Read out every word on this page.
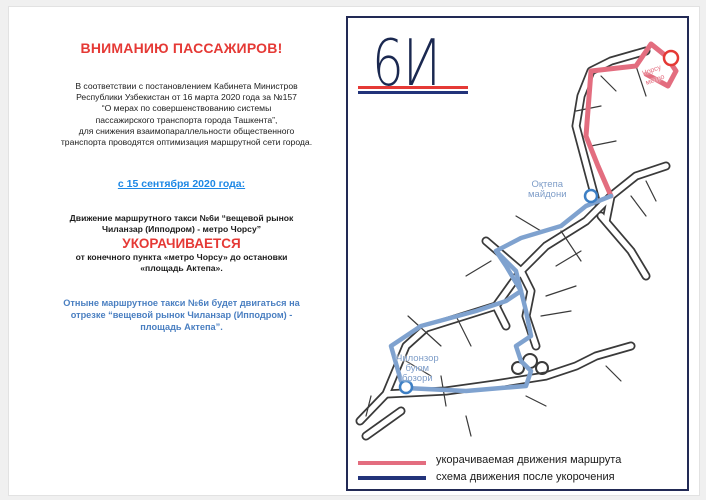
ВНИМАНИЮ ПАССАЖИРОВ!
В соответствии с постановлением Кабинета Министров
Республики Узбекистан от 16 марта 2020 года за №157
“О мерах по совершенствованию системы
пассажирского транспорта города Ташкента”,
для снижения взаимопараллельности общественного
транспорта проводятся оптимизация маршрутной сети города.
с 15 сентября 2020 года:
Движение маршрутного такси №6и “вещевой рынок
Чиланзар (Ипподром) - метро Чорсу”
УКОРАЧИВАЕТСЯ
от конечного пункта «метро Чорсу» до остановки
«площадь Актепа».
Отныне маршрутное такси №6и будет двигаться на
отрезке “вещевой рынок Чиланзар (Ипподром) -
площадь Актепа”.
6И
Оқтепа
майдони
Чилонзор
буюм
бозори
Чорсу
метро
укорачиваемая движения маршрута
схема движения после укорочения
